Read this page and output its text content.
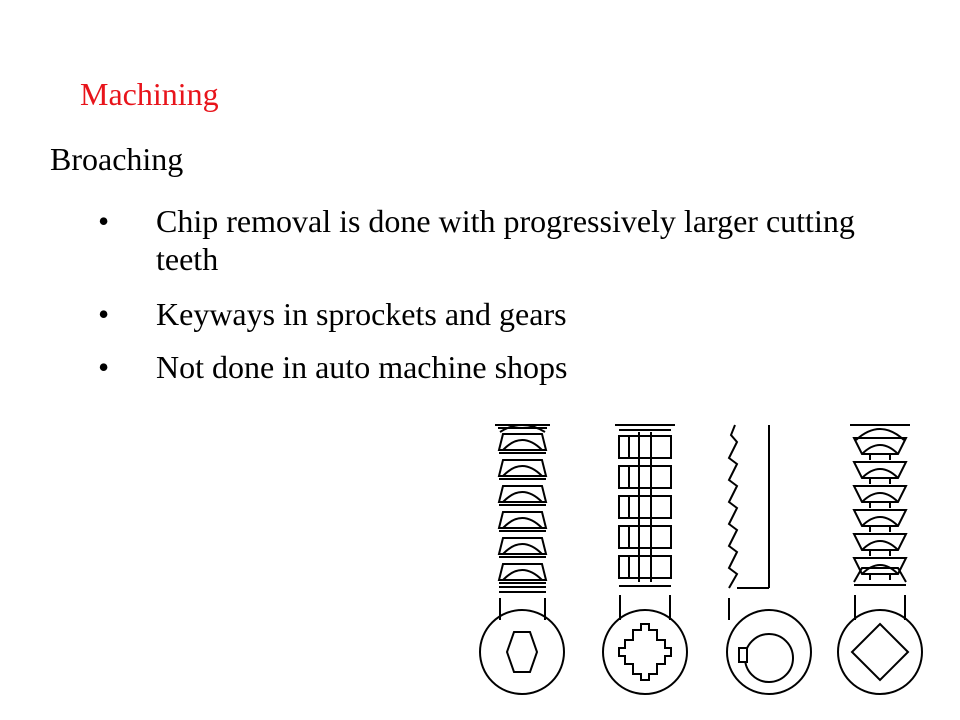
Machining
Broaching
• Chip removal is done with progressively larger cutting teeth
• Keyways in sprockets and gears
• Not done in auto machine shops
